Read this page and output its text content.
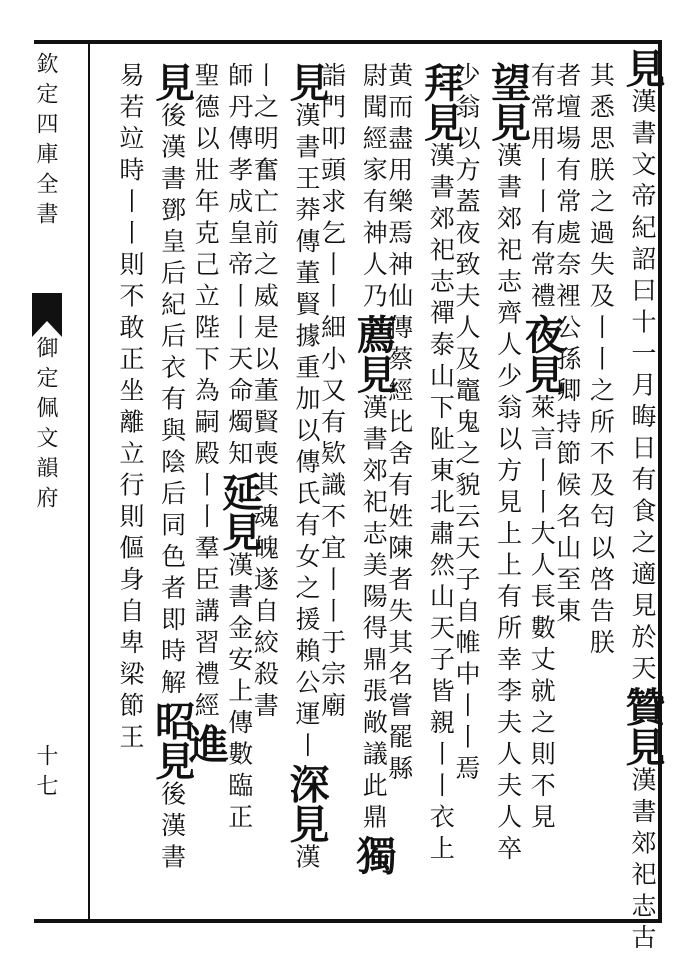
欽定四庫全書
御定佩文韻府
十七
見漢書文帝紀詔曰十一月晦日有食之適見於天贊見漢書郊祀志古
其悉思朕之過失及丨丨之所不及匄以啓告朕
者壇場有常處奈裡公孫卿持節候名山至東
有常用丨丨有常禮夜見萊言丨丨大人長數丈就之則不見
望見漢書郊祀志齊人少翁以方見上上有所幸李夫人夫人卒
少翁以方蓋夜致夫人及竈鬼之貌云天子自帷中丨丨焉
拜見漢書郊祀志禪泰山下阯東北肅然山天子皆親丨丨衣上
黄而盡用樂焉神仙傳蔡經比舍有姓陳者失其名嘗罷縣
尉聞經家有神人乃薦見漢書郊祀志美陽得鼎張敞議此鼎獨
詣門叩頭求乞丨丨細小又有欵識不宜丨丨于宗廟
見漢書王莽傳董賢據重加以傳氏有女之援賴公運丨深見漢
丨之明奮亡前之威是以董賢喪其魂魄遂自絞殺書
師丹傳孝成皇帝丨丨天命燭知延見漢書金安上傳數臨正
聖德以壯年克己立陛下為嗣殿丨丨羣臣講習禮經進
見後漢書鄧皇后紀后衣有與陰后同色者即時解昭見後漢書
易若竝時丨丨則不敢正坐離立行則傴身自卑梁節王
